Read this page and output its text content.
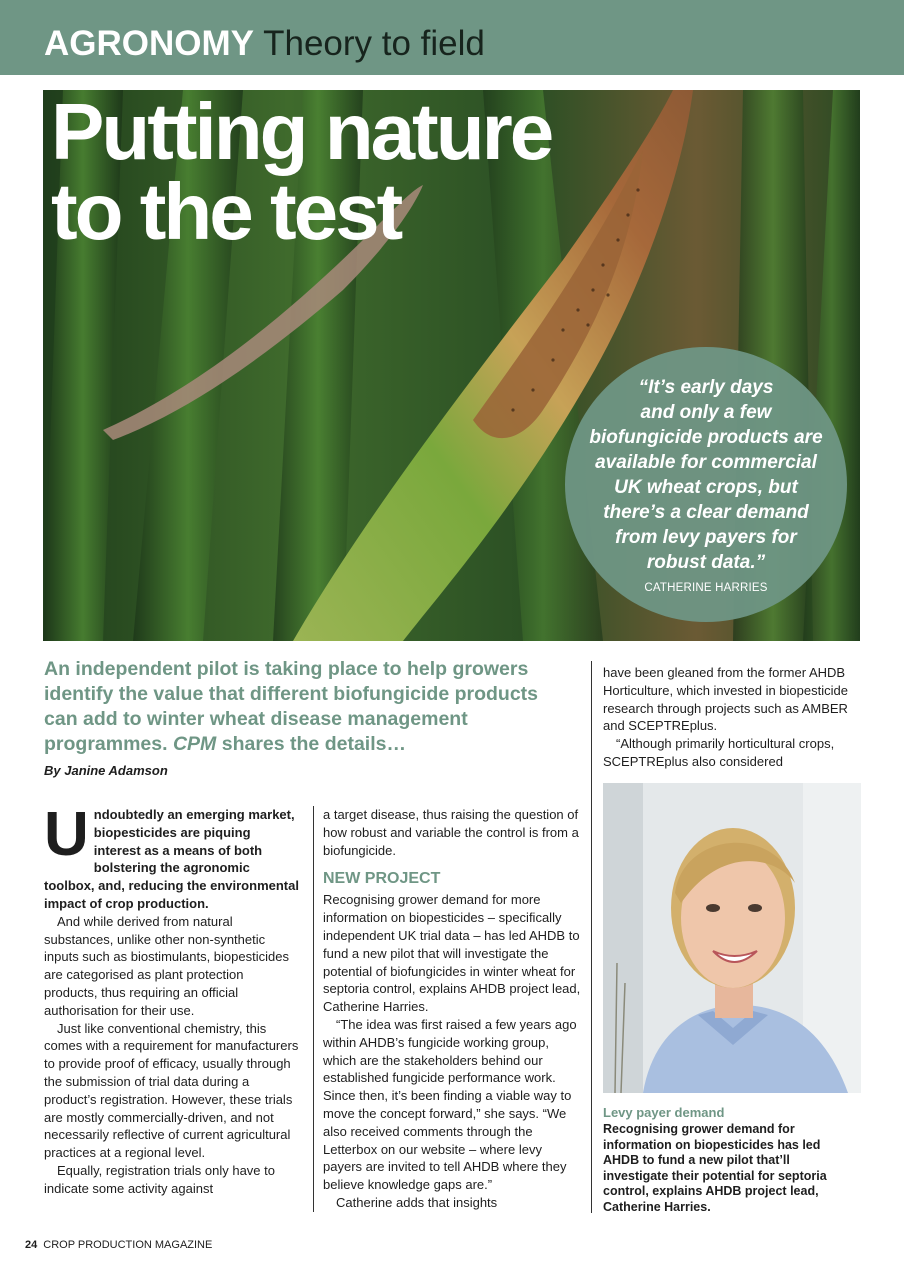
AGRONOMY Theory to field
Putting nature
to the test
“It’s early days
and only a few
biofungicide products are
available for commercial
UK wheat crops, but
there’s a clear demand
from levy payers for
robust data.”
CATHERINE HARRIES
An independent pilot is taking place to help growers identify the value that different biofungicide products can add to winter wheat disease management programmes. CPM shares the details…
By Janine Adamson

Undoubtedly an emerging market, biopesticides are piquing interest as a means of both bolstering the agronomic toolbox, and, reducing the environmental impact of crop production.

And while derived from natural substances, unlike other non-synthetic inputs such as biostimulants, biopesticides are categorised as plant protection products, thus requiring an official authorisation for their use.

Just like conventional chemistry, this comes with a requirement for manufacturers to provide proof of efficacy, usually through the submission of trial data during a product’s registration. However, these trials are mostly commercially-driven, and not necessarily reflective of current agricultural practices at a regional level.

Equally, registration trials only have to indicate some activity against

a target disease, thus raising the question of how robust and variable the control is from a biofungicide.

NEW PROJECT

Recognising grower demand for more information on biopesticides – specifically independent UK trial data – has led AHDB to fund a new pilot that will investigate the potential of biofungicides in winter wheat for septoria control, explains AHDB project lead, Catherine Harries.

“The idea was first raised a few years ago within AHDB’s fungicide working group, which are the stakeholders behind our established fungicide performance work. Since then, it’s been finding a viable way to move the concept forward,” she says. “We also received comments through the Letterbox on our website – where levy payers are invited to tell AHDB where they believe knowledge gaps are.”

Catherine adds that insights

have been gleaned from the former AHDB Horticulture, which invested in biopesticide research through projects such as AMBER and SCEPTREplus.

“Although primarily horticultural crops, SCEPTREplus also considered

Levy payer demand
Recognising grower demand for information on biopesticides has led AHDB to fund a new pilot that’ll investigate their potential for septoria control, explains AHDB project lead, Catherine Harries.
24 CROP PRODUCTION MAGAZINE
